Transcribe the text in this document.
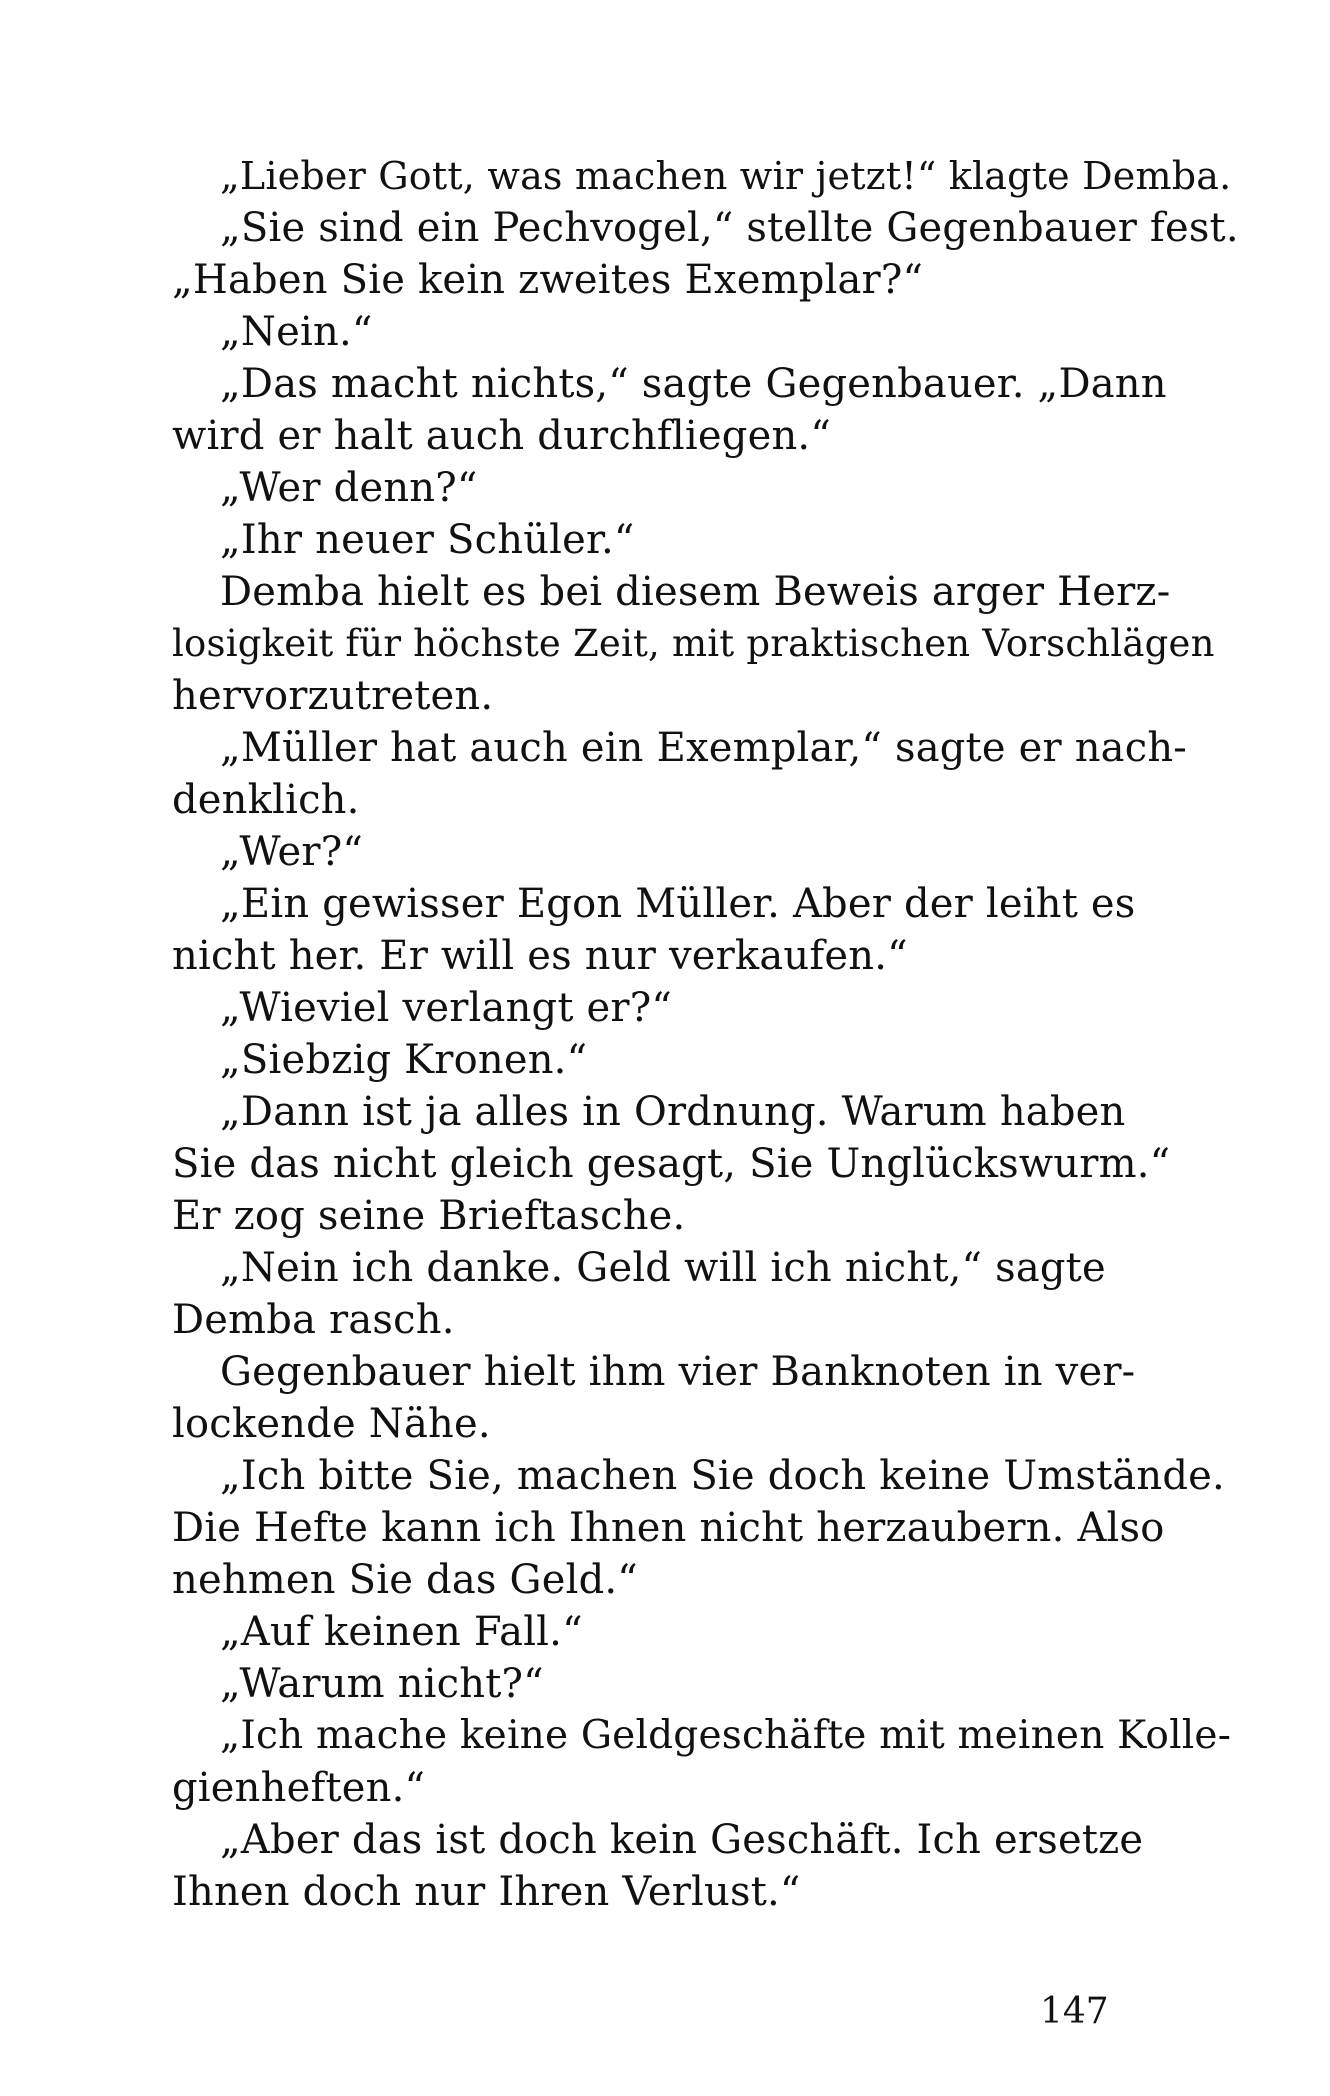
„Lieber Gott, was machen wir jetzt!“ klagte Demba.
„Sie sind ein Pechvogel,“ stellte Gegenbauer fest.
„Haben Sie kein zweites Exemplar?“
„Nein.“
„Das macht nichts,“ sagte Gegenbauer. „Dann
wird er halt auch durchfliegen.“
„Wer denn?“
„Ihr neuer Schüler.“
Demba hielt es bei diesem Beweis arger Herz-
losigkeit für höchste Zeit, mit praktischen Vorschlägen
hervorzutreten.
„Müller hat auch ein Exemplar,“ sagte er nach-
denklich.
„Wer?“
„Ein gewisser Egon Müller. Aber der leiht es
nicht her. Er will es nur verkaufen.“
„Wieviel verlangt er?“
„Siebzig Kronen.“
„Dann ist ja alles in Ordnung. Warum haben
Sie das nicht gleich gesagt, Sie Unglückswurm.“
Er zog seine Brieftasche.
„Nein ich danke. Geld will ich nicht,“ sagte
Demba rasch.
Gegenbauer hielt ihm vier Banknoten in ver-
lockende Nähe.
„Ich bitte Sie, machen Sie doch keine Umstände.
Die Hefte kann ich Ihnen nicht herzaubern. Also
nehmen Sie das Geld.“
„Auf keinen Fall.“
„Warum nicht?“
„Ich mache keine Geldgeschäfte mit meinen Kolle-
gienheften.“
„Aber das ist doch kein Geschäft. Ich ersetze
Ihnen doch nur Ihren Verlust.“
147
